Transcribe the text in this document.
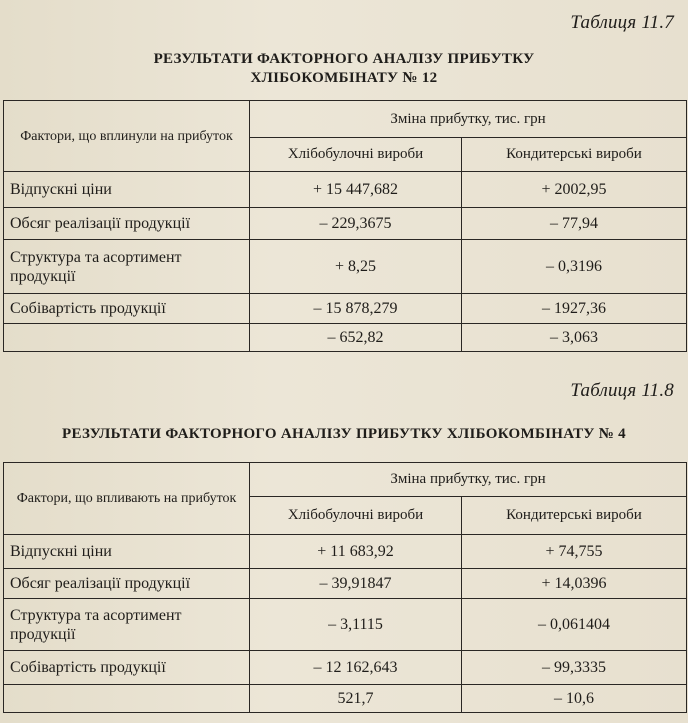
Таблиця 11.7
РЕЗУЛЬТАТИ ФАКТОРНОГО АНАЛІЗУ ПРИБУТКУ
ХЛІБОКОМБІНАТУ № 12
Фактори, що вплинули на прибуток	Зміна прибутку, тис. грн	
	Хлібобулочні вироби	Кондитерські вироби
Відпускні ціни	+ 15 447,682	+ 2002,95
Обсяг реалізації продукції	– 229,3675	– 77,94
Структура та асортимент продукції	+ 8,25	– 0,3196
Собівартість продукції	– 15 878,279	– 1927,36
	– 652,82	– 3,063
Таблиця 11.8
РЕЗУЛЬТАТИ ФАКТОРНОГО АНАЛІЗУ ПРИБУТКУ ХЛІБОКОМБІНАТУ № 4
Фактори, що впливають на прибуток	Зміна прибутку, тис. грн	
	Хлібобулочні вироби	Кондитерські вироби
Відпускні ціни	+ 11 683,92	+ 74,755
Обсяг реалізації продукції	– 39,91847	+ 14,0396
Структура та асортимент продукції	– 3,1115	– 0,061404
Собівартість продукції	– 12 162,643	– 99,3335
	521,7	– 10,6
